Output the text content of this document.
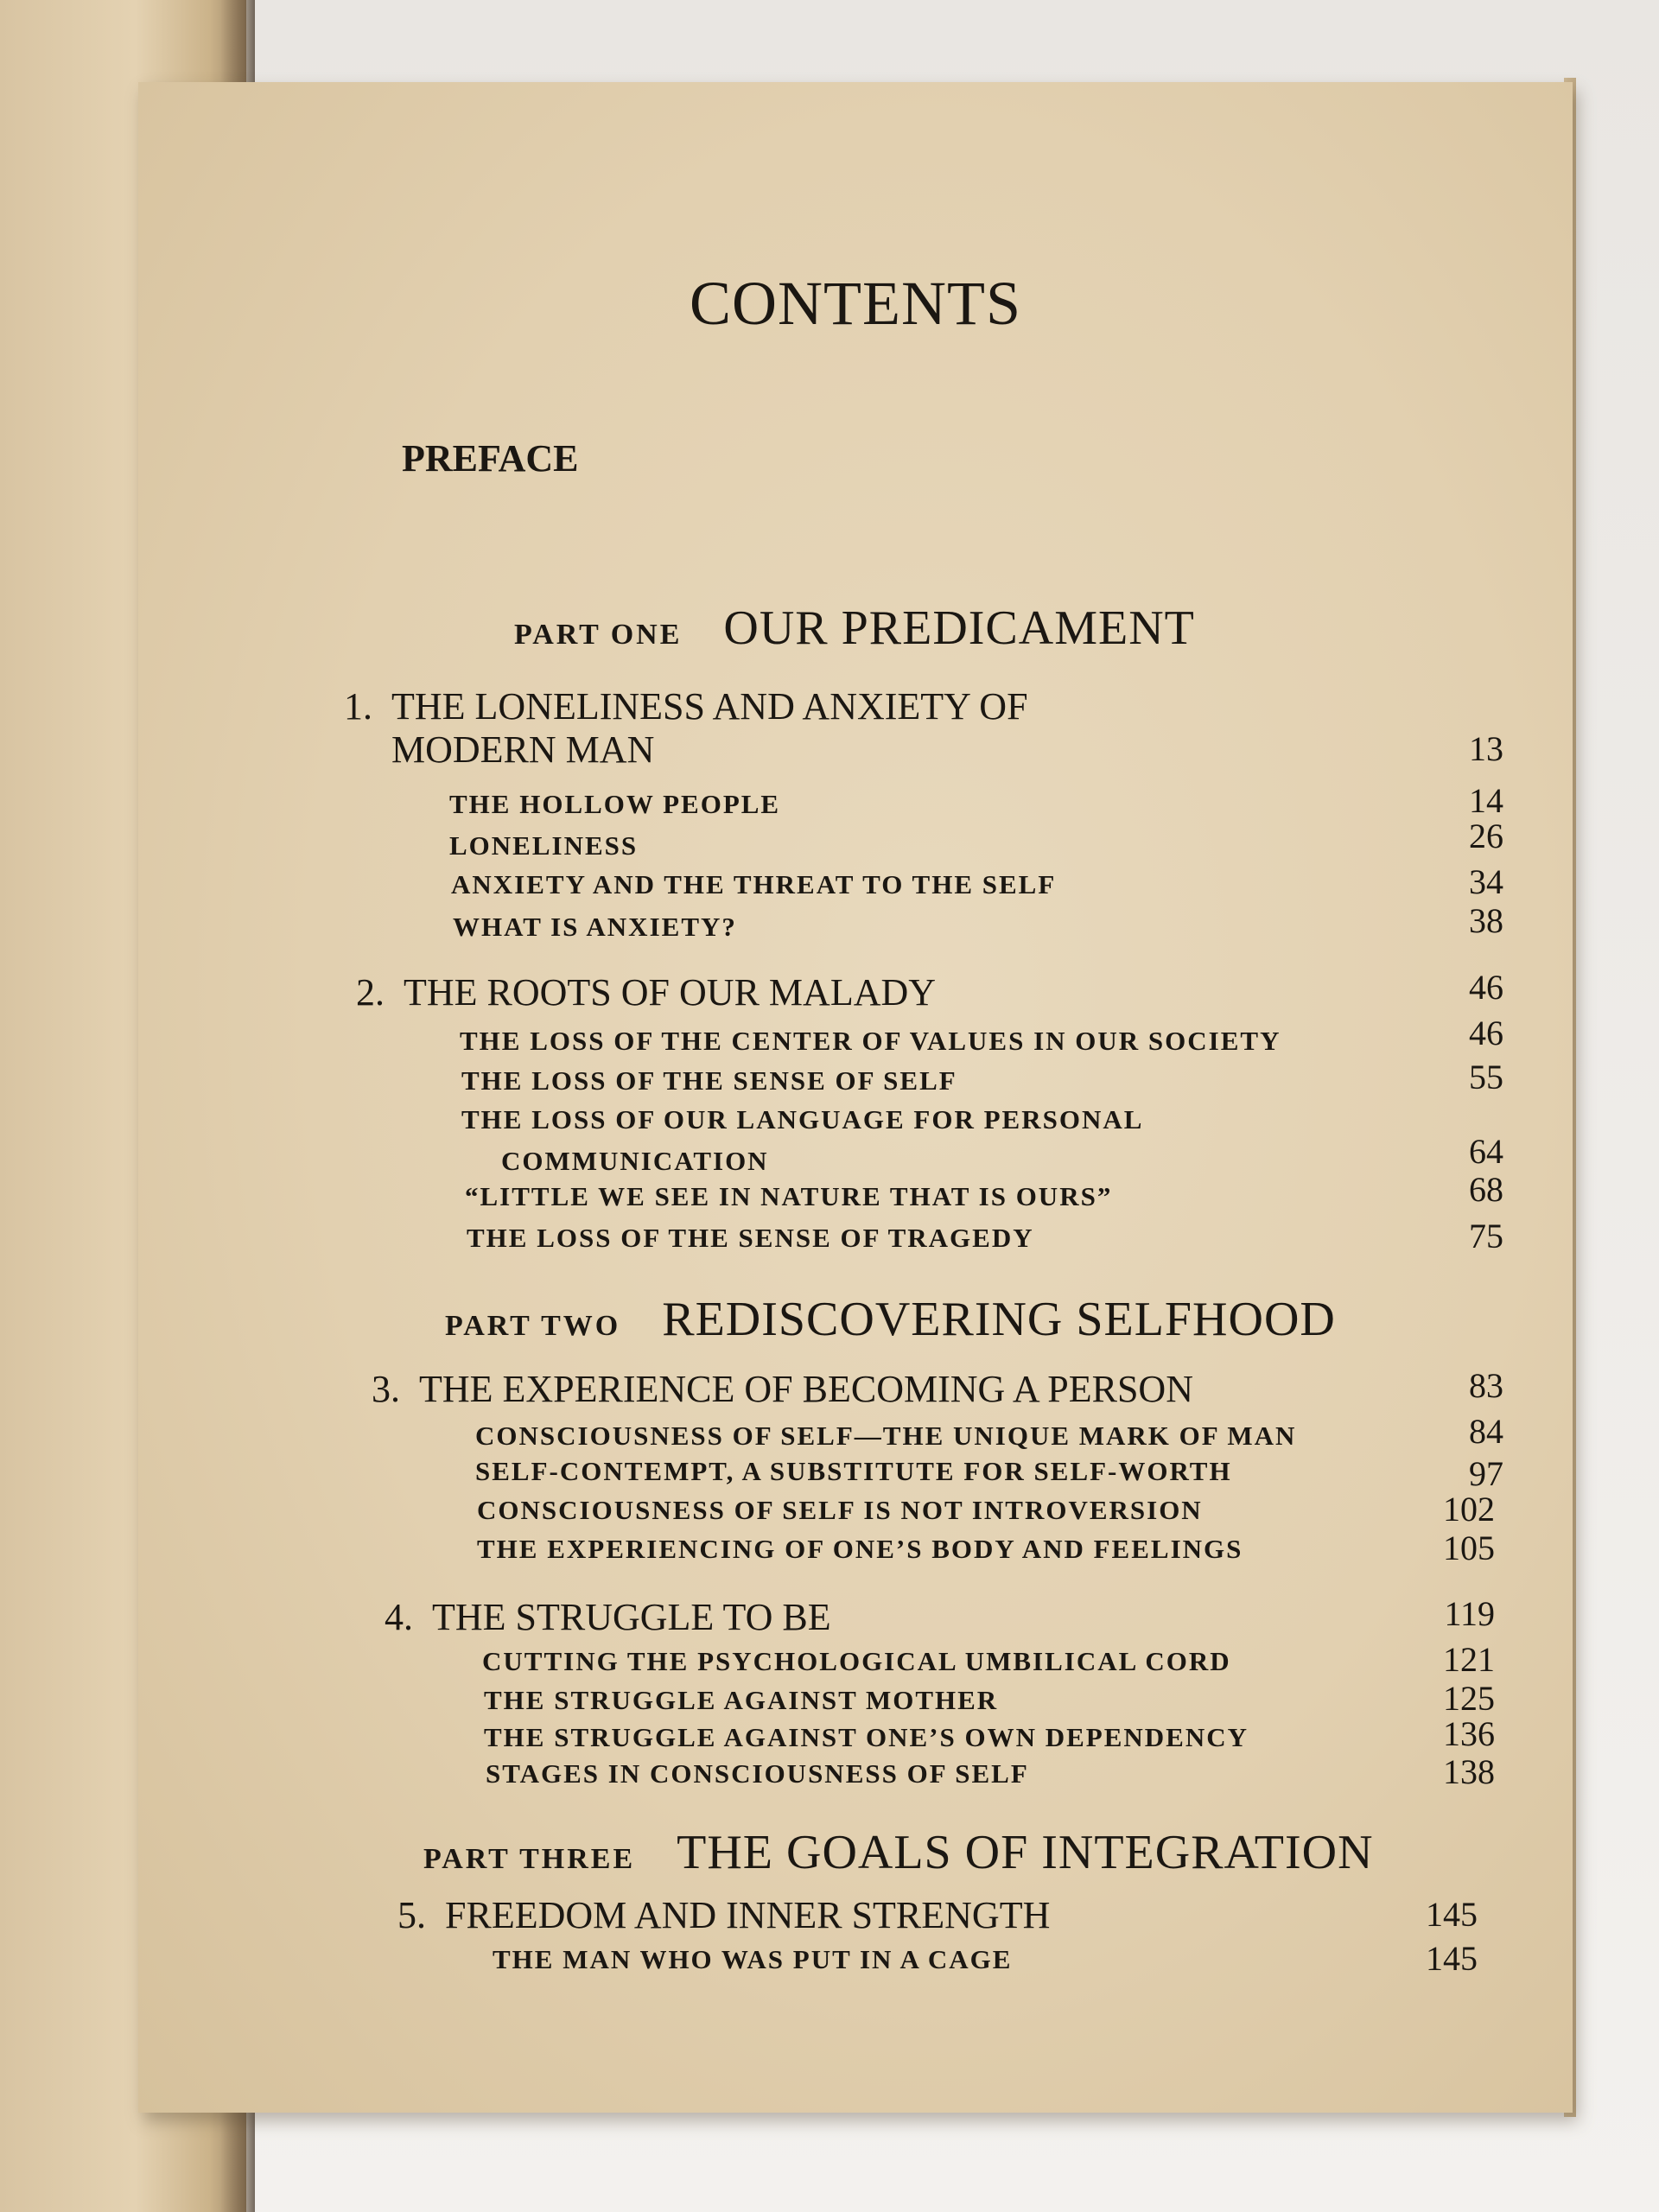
CONTENTS
PREFACE
PART ONE OUR PREDICAMENT
1. THE LONELINESS AND ANXIETY OF
MODERN MAN	13
THE HOLLOW PEOPLE	14
LONELINESS	26
ANXIETY AND THE THREAT TO THE SELF	34
WHAT IS ANXIETY?	38
2. THE ROOTS OF OUR MALADY	46
THE LOSS OF THE CENTER OF VALUES IN OUR SOCIETY	46
THE LOSS OF THE SENSE OF SELF	55
THE LOSS OF OUR LANGUAGE FOR PERSONAL
COMMUNICATION	64
“LITTLE WE SEE IN NATURE THAT IS OURS”	68
THE LOSS OF THE SENSE OF TRAGEDY	75
PART TWO REDISCOVERING SELFHOOD
3. THE EXPERIENCE OF BECOMING A PERSON	83
CONSCIOUSNESS OF SELF—THE UNIQUE MARK OF MAN	84
SELF-CONTEMPT, A SUBSTITUTE FOR SELF-WORTH	97
CONSCIOUSNESS OF SELF IS NOT INTROVERSION	102
THE EXPERIENCING OF ONE’S BODY AND FEELINGS	105
4. THE STRUGGLE TO BE	119
CUTTING THE PSYCHOLOGICAL UMBILICAL CORD	121
THE STRUGGLE AGAINST MOTHER	125
THE STRUGGLE AGAINST ONE’S OWN DEPENDENCY	136
STAGES IN CONSCIOUSNESS OF SELF	138
PART THREE THE GOALS OF INTEGRATION
5. FREEDOM AND INNER STRENGTH	145
THE MAN WHO WAS PUT IN A CAGE	145
